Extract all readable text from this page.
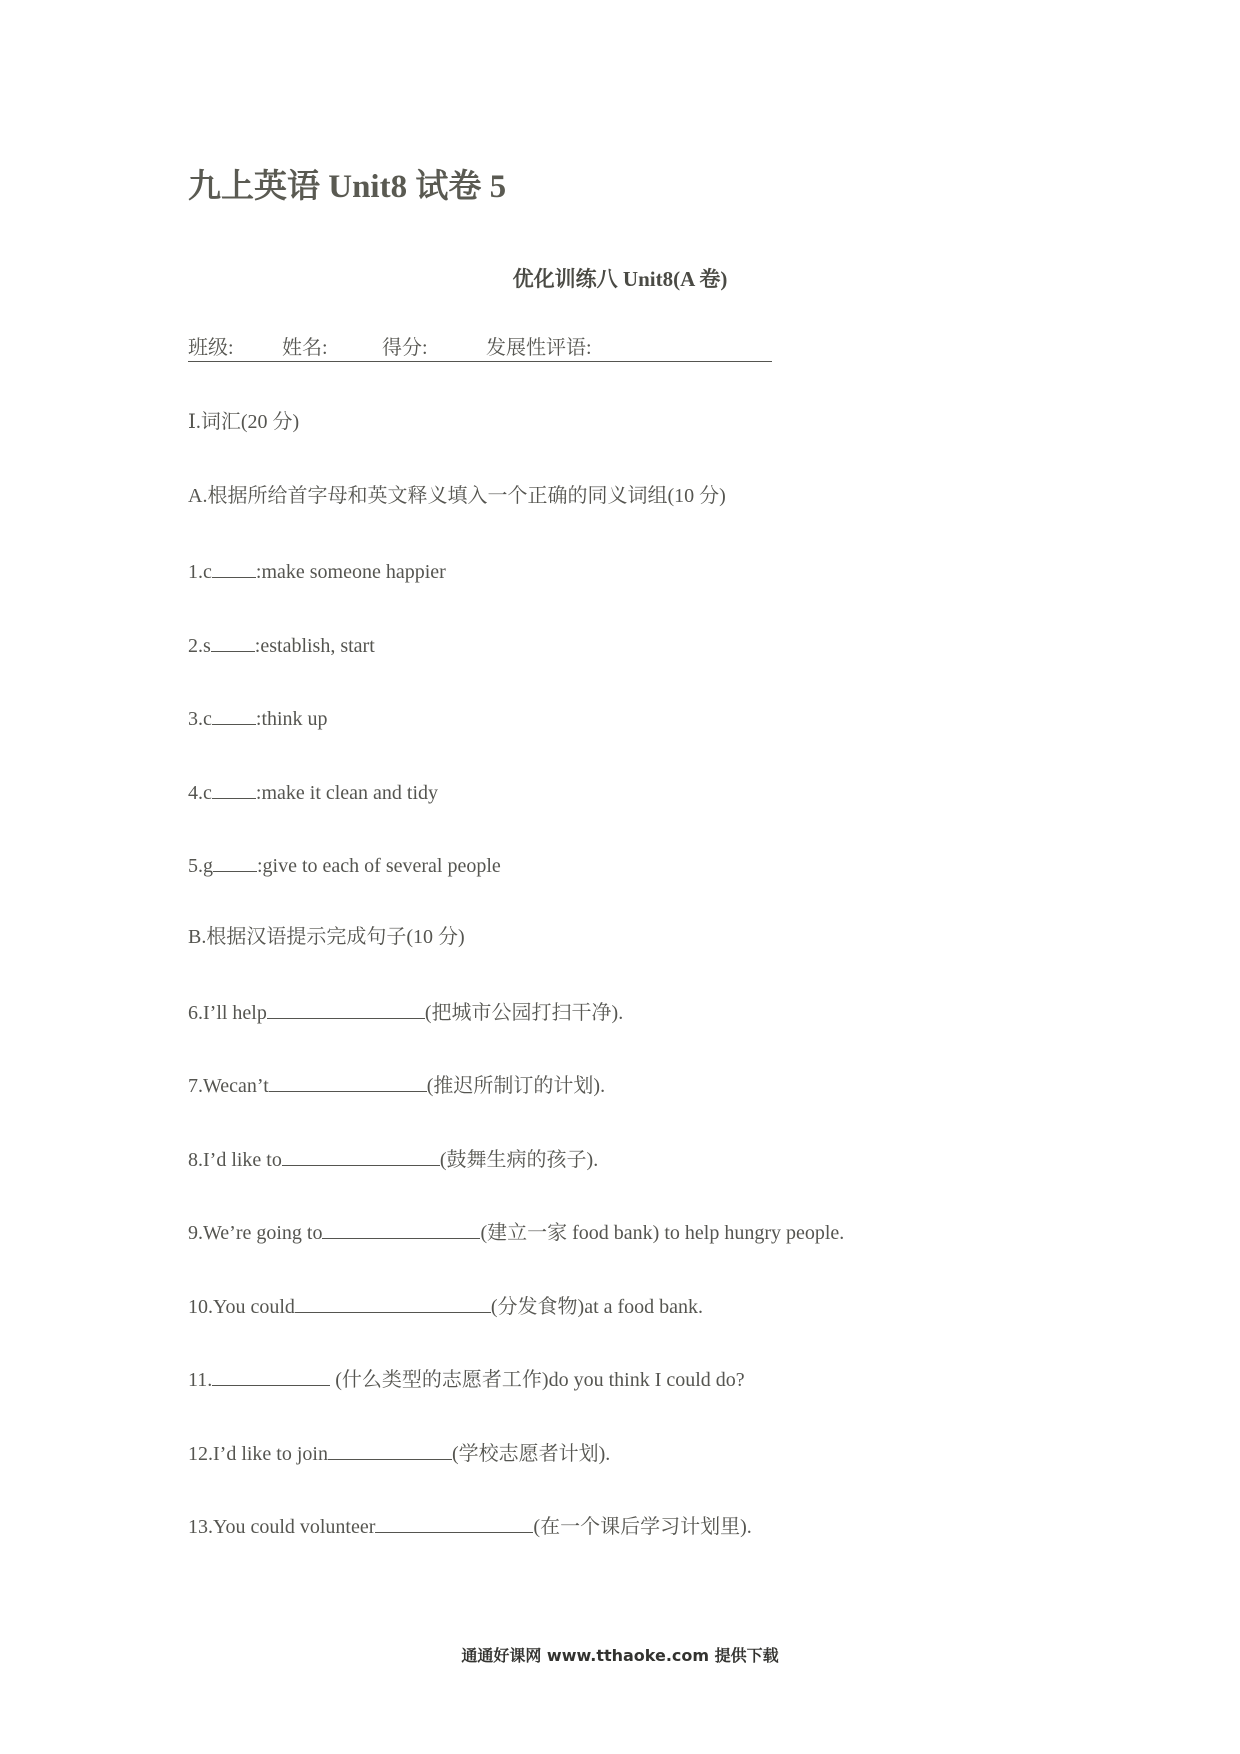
九上英语 Unit8 试卷 5
优化训练八 Unit8(A 卷)
班级: 姓名:	得分:	发展性评语:
Ⅰ.词汇(20 分)
A.根据所给首字母和英文释义填入一个正确的同义词组(10 分)
1.c :make someone happier
2.s :establish, start
3.c :think up
4.c :make it clean and tidy
5.g :give to each of several people
B.根据汉语提示完成句子(10 分)
6.I’ll help	(把城市公园打扫干净).
7.Wecan’t	(推迟所制订的计划).
8.I’d like to	(鼓舞生病的孩子).
9.We’re going to	(建立一家 food bank) to help hungry people.
10.You could	(分发食物)at a food bank.
11.	(什么类型的志愿者工作)do you think I could do?
12.I’d like to join	(学校志愿者计划).
13.You could volunteer	(在一个课后学习计划里).
通通好课网 www.tthaoke.com 提供下载
